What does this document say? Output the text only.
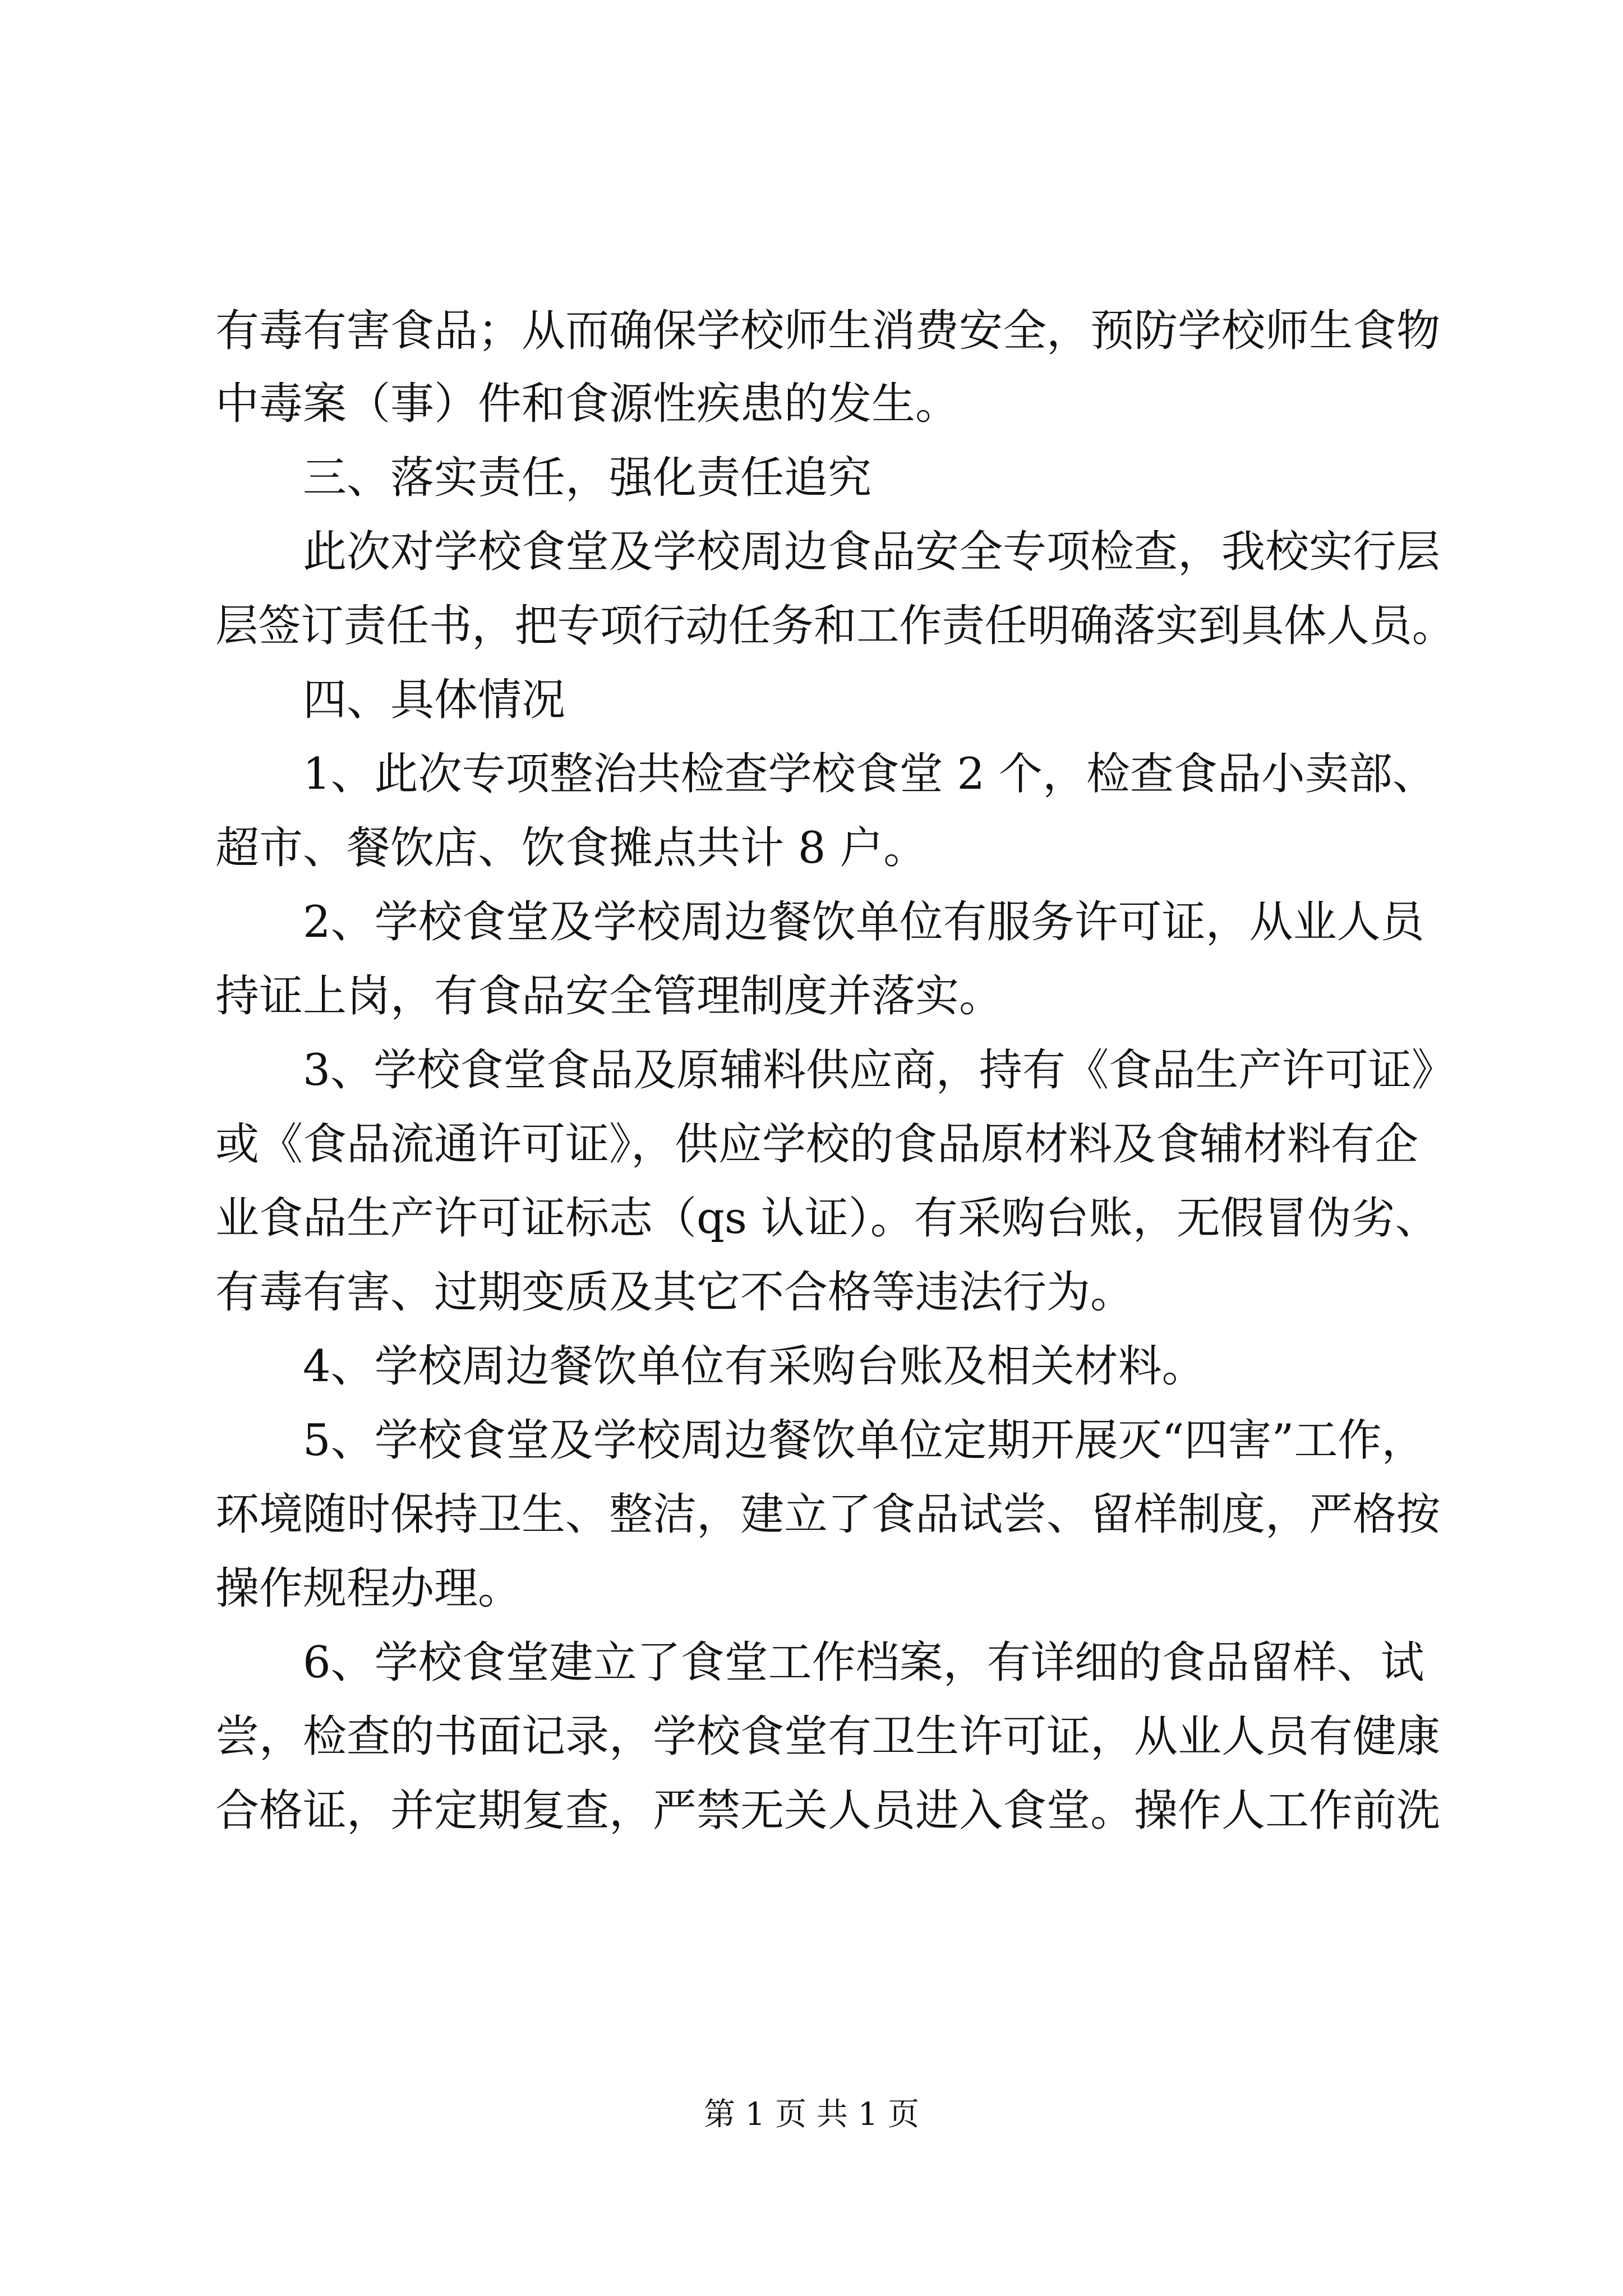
有毒有害食品；从而确保学校师生消费安全，预防学校师生食物
中毒案（事）件和食源性疾患的发生。
三、落实责任，强化责任追究
此次对学校食堂及学校周边食品安全专项检查，我校实行层
层签订责任书，把专项行动任务和工作责任明确落实到具体人员。
四、具体情况
1、此次专项整治共检查学校食堂 2 个，检查食品小卖部、
超市、餐饮店、饮食摊点共计 8 户。
2、学校食堂及学校周边餐饮单位有服务许可证，从业人员
持证上岗，有食品安全管理制度并落实。
3、学校食堂食品及原辅料供应商，持有《食品生产许可证》
或《食品流通许可证》，供应学校的食品原材料及食辅材料有企
业食品生产许可证标志（qs 认证）。有采购台账，无假冒伪劣、
有毒有害、过期变质及其它不合格等违法行为。
4、学校周边餐饮单位有采购台账及相关材料。
5、学校食堂及学校周边餐饮单位定期开展灭“四害”工作，
环境随时保持卫生、整洁，建立了食品试尝、留样制度，严格按
操作规程办理。
6、学校食堂建立了食堂工作档案，有详细的食品留样、试
尝，检查的书面记录，学校食堂有卫生许可证，从业人员有健康
合格证，并定期复查，严禁无关人员进入食堂。操作人工作前洗
第 1 页 共 1 页
